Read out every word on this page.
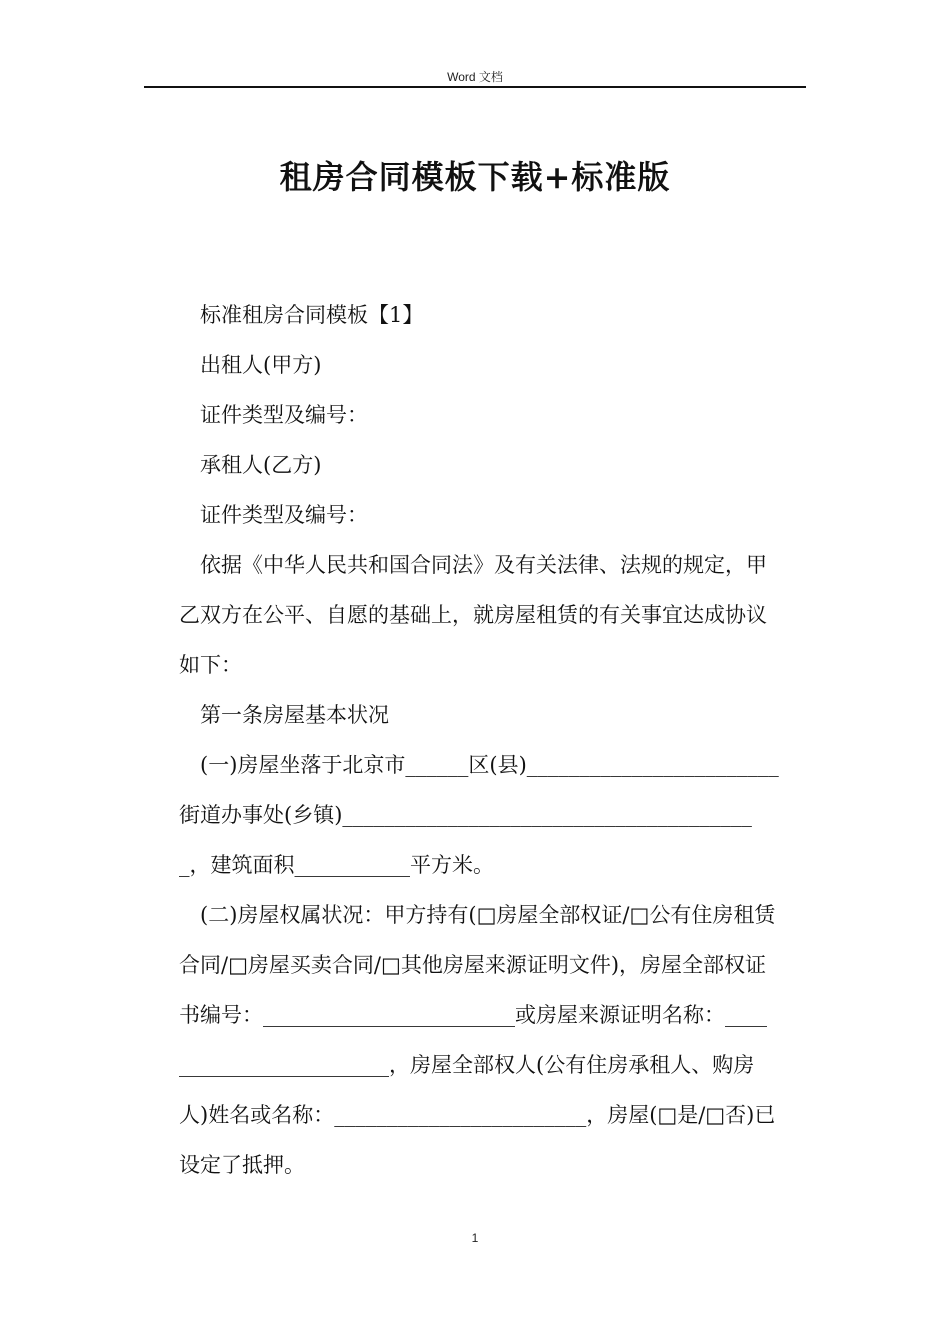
Word 文档
租房合同模板下载+标准版

标准租房合同模板【1】

出租人(甲方)

证件类型及编号：

承租人(乙方)

证件类型及编号：

依据《中华人民共和国合同法》及有关法律、法规的规定，甲

乙双方在公平、自愿的基础上，就房屋租赁的有关事宜达成协议

如下：

第一条房屋基本状况

(一)房屋坐落于北京市______区(县)________________________

街道办事处(乡镇)_______________________________________

_，建筑面积___________平方米。

(二)房屋权属状况：甲方持有(□房屋全部权证/□公有住房租赁

合同/□房屋买卖合同/□其他房屋来源证明文件)，房屋全部权证

书编号：________________________或房屋来源证明名称：____

____________________，房屋全部权人(公有住房承租人、购房

人)姓名或名称：________________________，房屋(□是/□否)已

设定了抵押。

1
